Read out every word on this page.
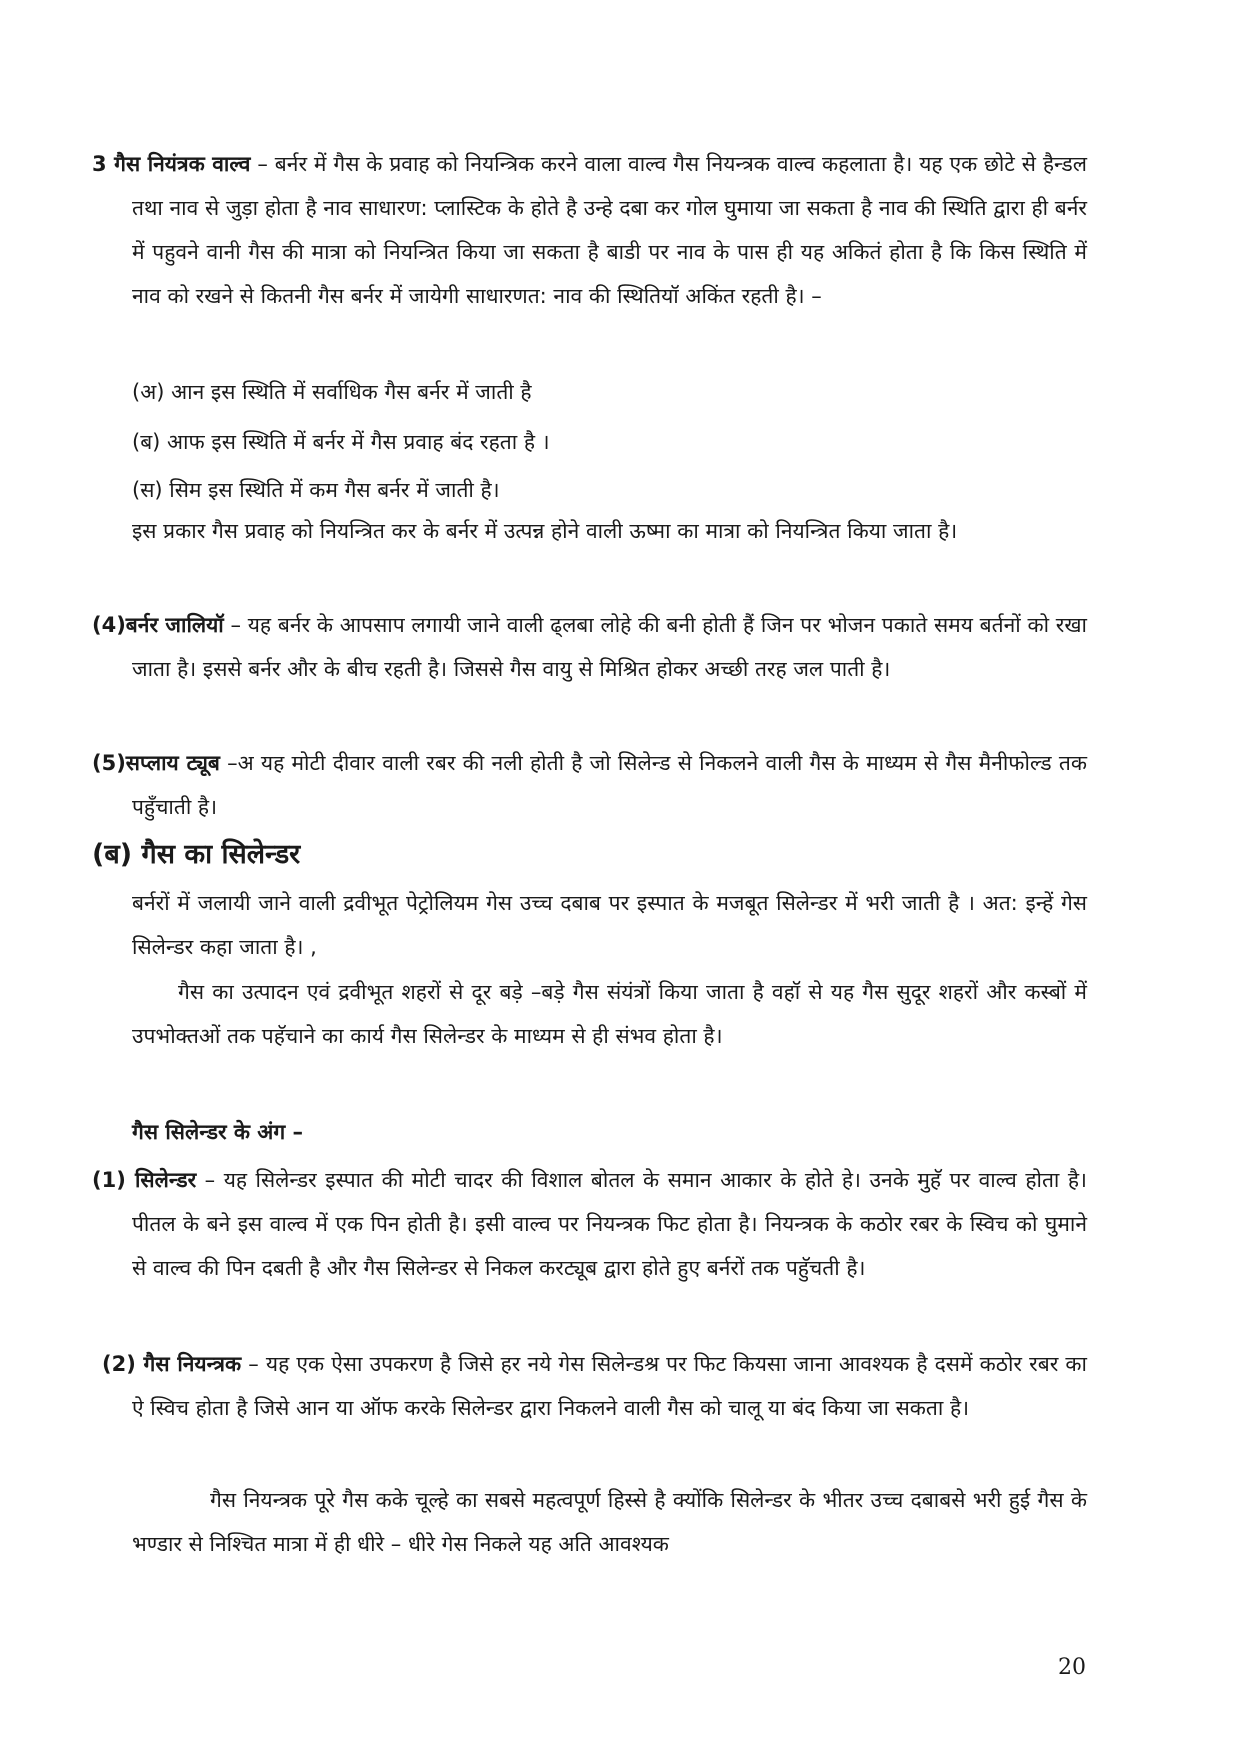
3 गैस नियंत्रक वाल्व – बर्नर में गैस के प्रवाह को नियन्त्रिक करने वाला वाल्व गैस नियन्त्रक वाल्व कहलाता है। यह एक छोटे से हैन्डल तथा नाव से जुड़ा होता है नाव साधारण: प्लास्टिक के होते है उन्हे दबा कर गोल घुमाया जा सकता है नाव की स्थिति द्वारा ही बर्नर में पहुवने वानी गैस की मात्रा को नियन्त्रित किया जा सकता है बाडी पर नाव के पास ही यह अकितं होता है कि किस स्थिति में नाव को रखने से कितनी गैस बर्नर में जायेगी साधारणत: नाव की स्थितियॉ अकिंत रहती है। –
(अ) आन इस स्थिति में सर्वाधिक गैस बर्नर में जाती है
(ब) आफ इस स्थिति में बर्नर में गैस प्रवाह बंद रहता है ।
(स) सिम इस स्थिति में कम गैस बर्नर में जाती है।
इस प्रकार गैस प्रवाह को नियन्त्रित कर के बर्नर में उत्पन्न होने वाली ऊष्मा का मात्रा को नियन्त्रित किया जाता है।
(4)बर्नर जालियॉ – यह बर्नर के आपसाप लगायी जाने वाली ढ्लबा लोहे की बनी होती हैं जिन पर भोजन पकाते समय बर्तनों को रखा जाता है। इससे बर्नर और के बीच रहती है। जिससे गैस वायु से मिश्रित होकर अच्छी तरह जल पाती है।
(5)सप्लाय ट्यूब –अ यह मोटी दीवार वाली रबर की नली होती है जो सिलेन्ड से निकलने वाली गैस के माध्यम से गैस मैनीफोल्ड तक पहुँचाती है।
(ब) गैस का सिलेन्डर
बर्नरों में जलायी जाने वाली द्रवीभूत पेट्रोलियम गेस उच्च दबाब पर इस्पात के मजबूत सिलेन्डर में भरी जाती है । अत: इन्हें गेस सिलेन्डर कहा जाता है। ,
गैस का उत्पादन एवं द्रवीभूत शहरों से दूर बड़े –बड़े गैस संयंत्रों किया जाता है वहॉ से यह गैस सुदूर शहरों और कस्बों में उपभोक्तओं तक पहॅचाने का कार्य गैस सिलेन्डर के माध्यम से ही संभव होता है।
गैस सिलेन्डर के अंग –
(1) सिलेन्डर – यह सिलेन्डर इस्पात की मोटी चादर की विशाल बोतल के समान आकार के होते हे। उनके मुहॅ पर वाल्व होता है। पीतल के बने इस वाल्व में एक पिन होती है। इसी वाल्व पर नियन्त्रक फिट होता है। नियन्त्रक के कठोर रबर के स्विच को घुमाने से वाल्व की पिन दबती है और गैस सिलेन्डर से निकल करट्यूब द्वारा होते हुए बर्नरों तक पहुॅचती है।
(2) गैस नियन्त्रक – यह एक ऐसा उपकरण है जिसे हर नये गेस सिलेन्डश्र पर फिट कियसा जाना आवश्यक है दसमें कठोर रबर का ऐ स्विच होता है जिसे आन या ऑफ करके सिलेन्डर द्वारा निकलने वाली गैस को चालू या बंद किया जा सकता है।
गैस नियन्त्रक पूरे गैस कके चूल्हे का सबसे महत्वपूर्ण हिस्से है क्योंकि सिलेन्डर के भीतर उच्च दबाबसे भरी हुई गैस के भण्डार से निश्चित मात्रा में ही धीरे – धीरे गेस निकले यह अति आवश्यक
20
